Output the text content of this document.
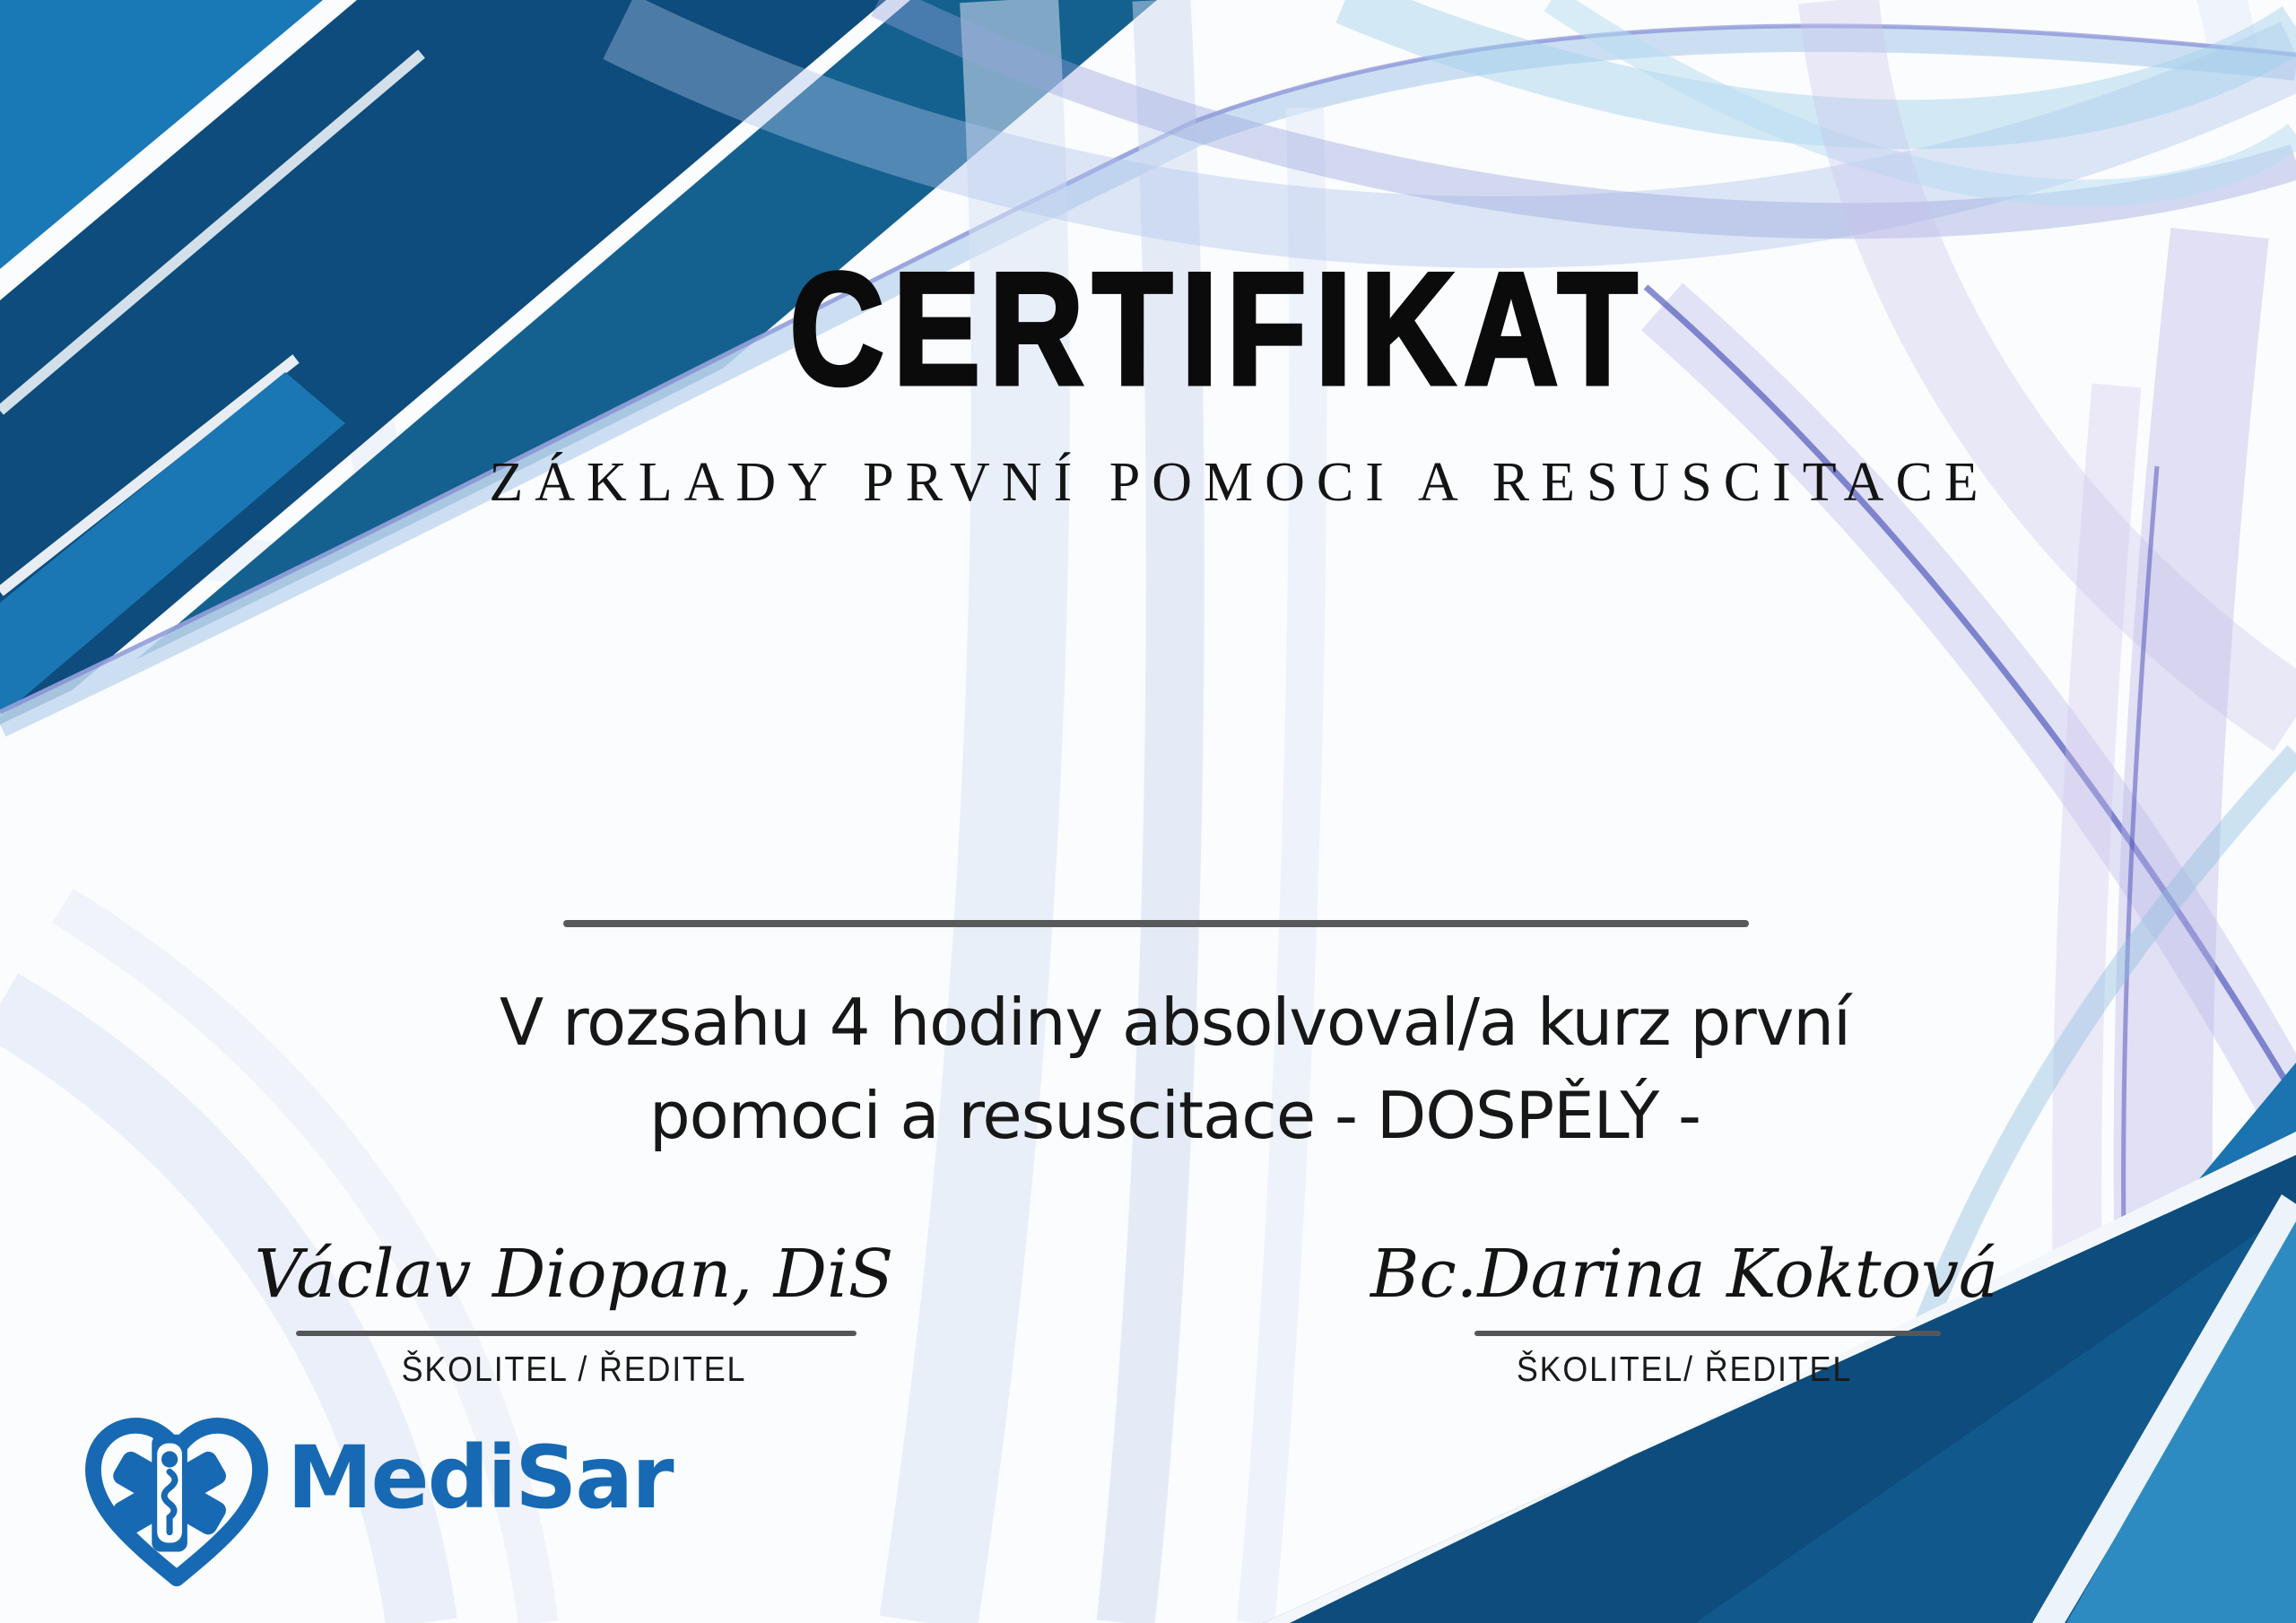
CERTIFIKAT
ZÁKLADY PRVNÍ POMOCI A RESUSCITACE
V rozsahu 4 hodiny absolvoval/a kurz první
pomoci a resuscitace - DOSPĚLÝ -
Václav Diopan, DiS
ŠKOLITEL / ŘEDITEL
Bc.Darina Koktová
ŠKOLITEL/ ŘEDITEL
MediSar
